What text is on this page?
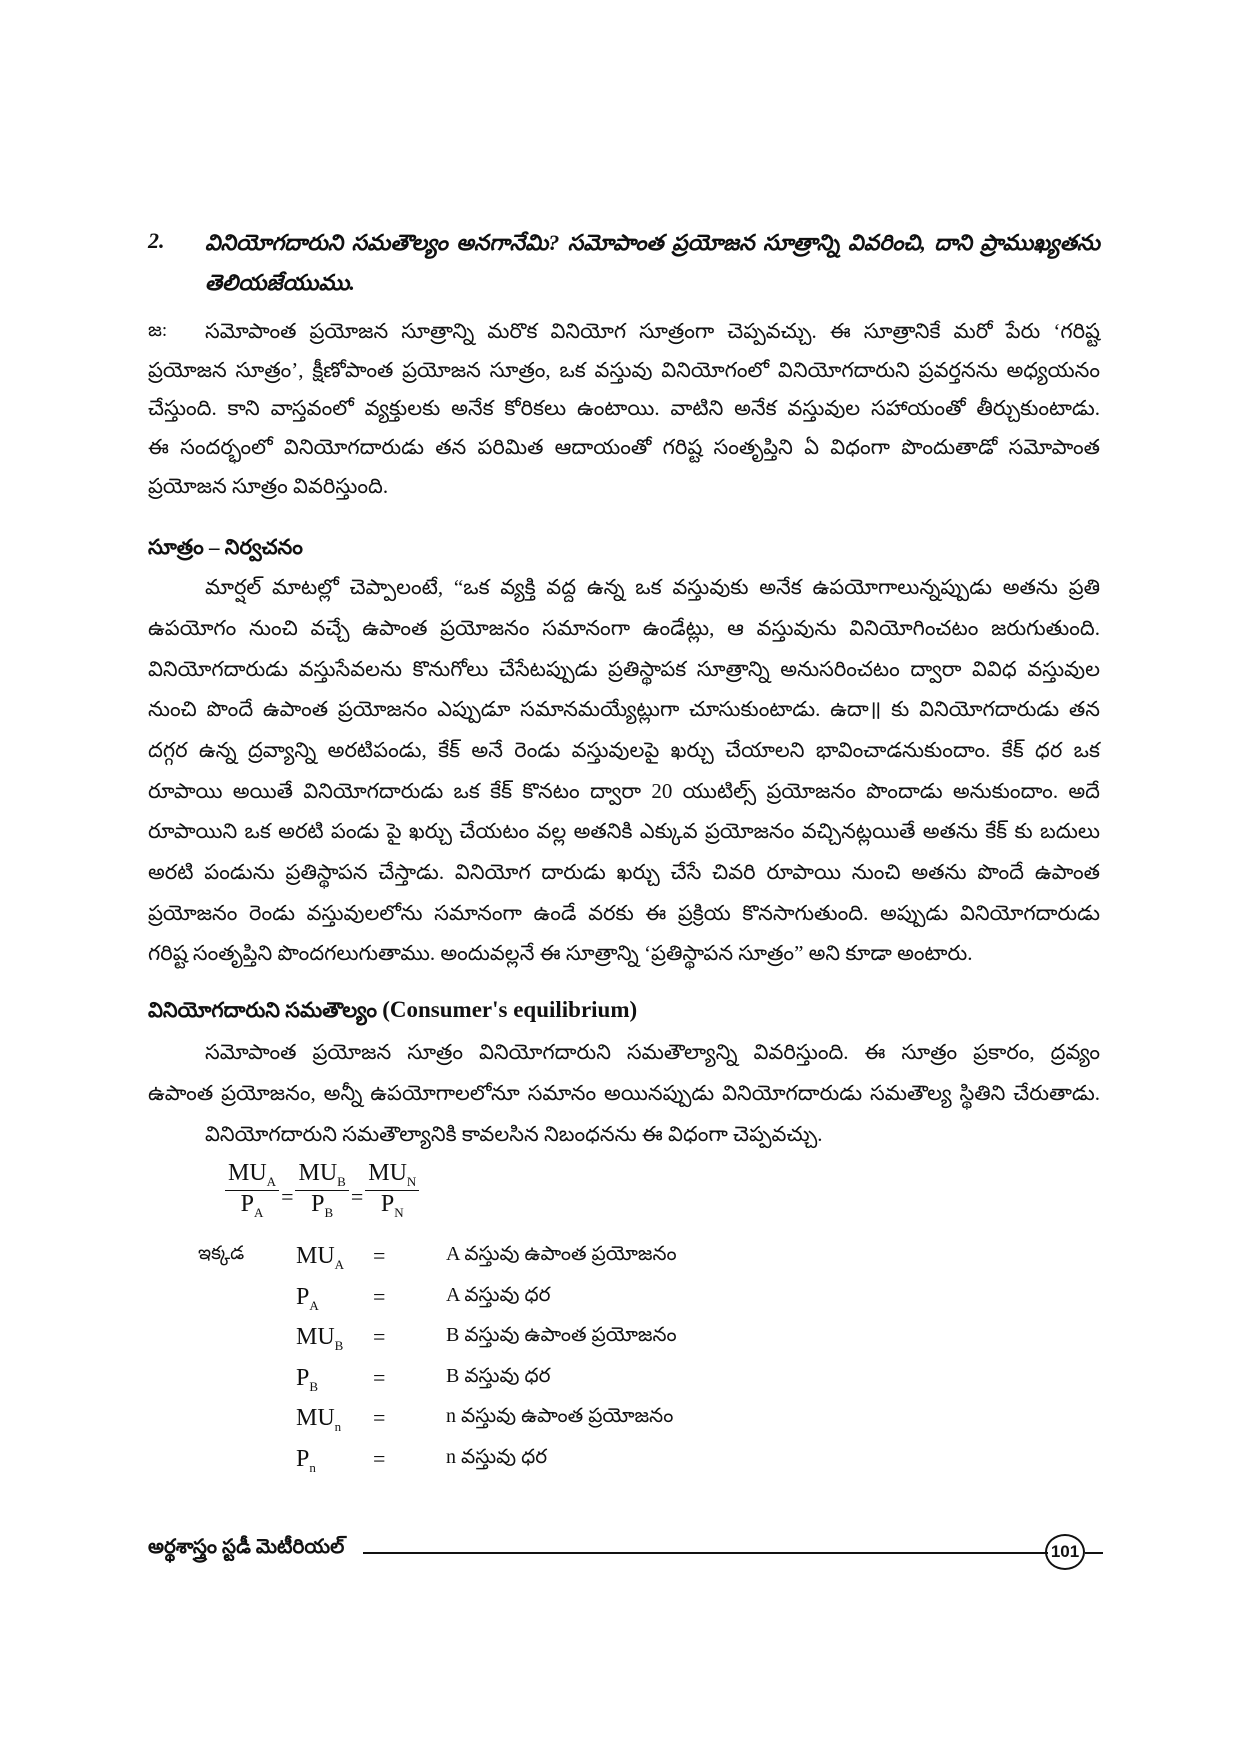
2. వినియోగదారుని సమతౌల్యం అనగానేమి? సమోపాంత ప్రయోజన సూత్రాన్ని వివరించి, దాని ప్రాముఖ్యతను
తెలియజేయుము.
జ: సమోపాంత ప్రయోజన సూత్రాన్ని మరొక వినియోగ సూత్రంగా చెప్పవచ్చు. ఈ సూత్రానికే మరో పేరు ‘గరిష్ట
ప్రయోజన సూత్రం’, క్షీణోపాంత ప్రయోజన సూత్రం, ఒక వస్తువు వినియోగంలో వినియోగదారుని ప్రవర్తనను అధ్యయనం
చేస్తుంది. కాని వాస్తవంలో వ్యక్తులకు అనేక కోరికలు ఉంటాయి. వాటిని అనేక వస్తువుల సహాయంతో తీర్చుకుంటాడు.
ఈ సందర్భంలో వినియోగదారుడు తన పరిమిత ఆదాయంతో గరిష్ట సంతృప్తిని ఏ విధంగా పొందుతాడో సమోపాంత
ప్రయోజన సూత్రం వివరిస్తుంది.
సూత్రం – నిర్వచనం
మార్షల్ మాటల్లో చెప్పాలంటే, “ఒక వ్యక్తి వద్ద ఉన్న ఒక వస్తువుకు అనేక ఉపయోగాలున్నప్పుడు అతను ప్రతి
ఉపయోగం నుంచి వచ్చే ఉపాంత ప్రయోజనం సమానంగా ఉండేట్లు, ఆ వస్తువును వినియోగించటం జరుగుతుంది.
వినియోగదారుడు వస్తుసేవలను కొనుగోలు చేసేటప్పుడు ప్రతిస్థాపక సూత్రాన్ని అనుసరించటం ద్వారా వివిధ వస్తువుల
నుంచి పొందే ఉపాంత ప్రయోజనం ఎప్పుడూ సమానమయ్యేట్లుగా చూసుకుంటాడు. ఉదా॥ కు వినియోగదారుడు తన
దగ్గర ఉన్న ద్రవ్యాన్ని అరటిపండు, కేక్ అనే రెండు వస్తువులపై ఖర్చు చేయాలని భావించాడనుకుందాం. కేక్ ధర ఒక
రూపాయి అయితే వినియోగదారుడు ఒక కేక్ కొనటం ద్వారా 20 యుటిల్స్ ప్రయోజనం పొందాడు అనుకుందాం. అదే
రూపాయిని ఒక అరటి పండు పై ఖర్చు చేయటం వల్ల అతనికి ఎక్కువ ప్రయోజనం వచ్చినట్లయితే అతను కేక్ కు బదులు
అరటి పండును ప్రతిస్థాపన చేస్తాడు. వినియోగ దారుడు ఖర్చు చేసే చివరి రూపాయి నుంచి అతను పొందే ఉపాంత
ప్రయోజనం రెండు వస్తువులలోను సమానంగా ఉండే వరకు ఈ ప్రక్రియ కొనసాగుతుంది. అప్పుడు వినియోగదారుడు
గరిష్ట సంతృప్తిని పొందగలుగుతాము. అందువల్లనే ఈ సూత్రాన్ని ‘ప్రతిస్థాపన సూత్రం” అని కూడా అంటారు.
వినియోగదారుని సమతౌల్యం (Consumer's equilibrium)
సమోపాంత ప్రయోజన సూత్రం వినియోగదారుని సమతౌల్యాన్ని వివరిస్తుంది. ఈ సూత్రం ప్రకారం, ద్రవ్యం
ఉపాంత ప్రయోజనం, అన్నీ ఉపయోగాలలోనూ సమానం అయినప్పుడు వినియోగదారుడు సమతౌల్య స్థితిని చేరుతాడు.
వినియోగదారుని సమతౌల్యానికి కావలసిన నిబంధనను ఈ విధంగా చెప్పవచ్చు.
$MU_A$
$P_A$
=
$MU_B$
$P_B$
=
$MU_N$
$P_N$
ఇక్కడ $MU_A$ =	A వస్తువు ఉపాంత ప్రయోజనం
$P_A$ =	A వస్తువు ధర
$MU_B$ =	B వస్తువు ఉపాంత ప్రయోజనం
$P_B$ =	B వస్తువు ధర
$MU_n$ =	n వస్తువు ఉపాంత ప్రయోజనం
$P_n$	=	n వస్తువు ధర
అర్థశాస్త్రం స్టడీ మెటీరియల్	101
